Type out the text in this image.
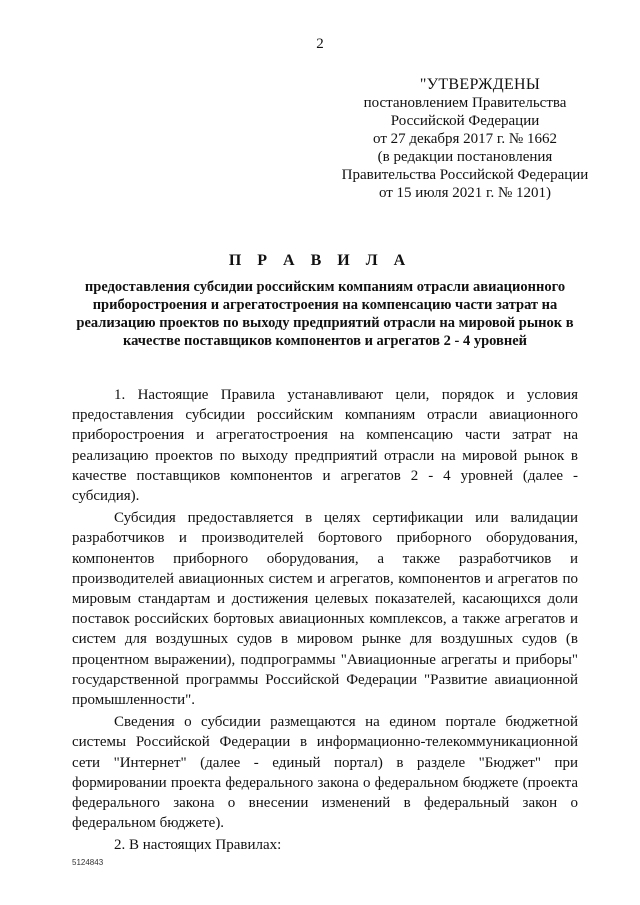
2
"УТВЕРЖДЕНЫ
постановлением Правительства
Российской Федерации
от 27 декабря 2017 г. № 1662
(в редакции постановления
Правительства Российской Федерации
от 15 июля 2021 г. № 1201)
П Р А В И Л А
предоставления субсидии российским компаниям отрасли авиационного приборостроения и агрегатостроения на компенсацию части затрат на реализацию проектов по выходу предприятий отрасли на мировой рынок в качестве поставщиков компонентов и агрегатов 2 - 4 уровней

1. Настоящие Правила устанавливают цели, порядок и условия предоставления субсидии российским компаниям отрасли авиационного приборостроения и агрегатостроения на компенсацию части затрат на реализацию проектов по выходу предприятий отрасли на мировой рынок в качестве поставщиков компонентов и агрегатов 2 - 4 уровней (далее - субсидия).

Субсидия предоставляется в целях сертификации или валидации разработчиков и производителей бортового приборного оборудования, компонентов приборного оборудования, а также разработчиков и производителей авиационных систем и агрегатов, компонентов и агрегатов по мировым стандартам и достижения целевых показателей, касающихся доли поставок российских бортовых авиационных комплексов, а также агрегатов и систем для воздушных судов в мировом рынке для воздушных судов (в процентном выражении), подпрограммы "Авиационные агрегаты и приборы" государственной программы Российской Федерации "Развитие авиационной промышленности".

Сведения о субсидии размещаются на едином портале бюджетной системы Российской Федерации в информационно-телекоммуникационной сети "Интернет" (далее - единый портал) в разделе "Бюджет" при формировании проекта федерального закона о федеральном бюджете (проекта федерального закона о внесении изменений в федеральный закон о федеральном бюджете).

2. В настоящих Правилах:

5124843
